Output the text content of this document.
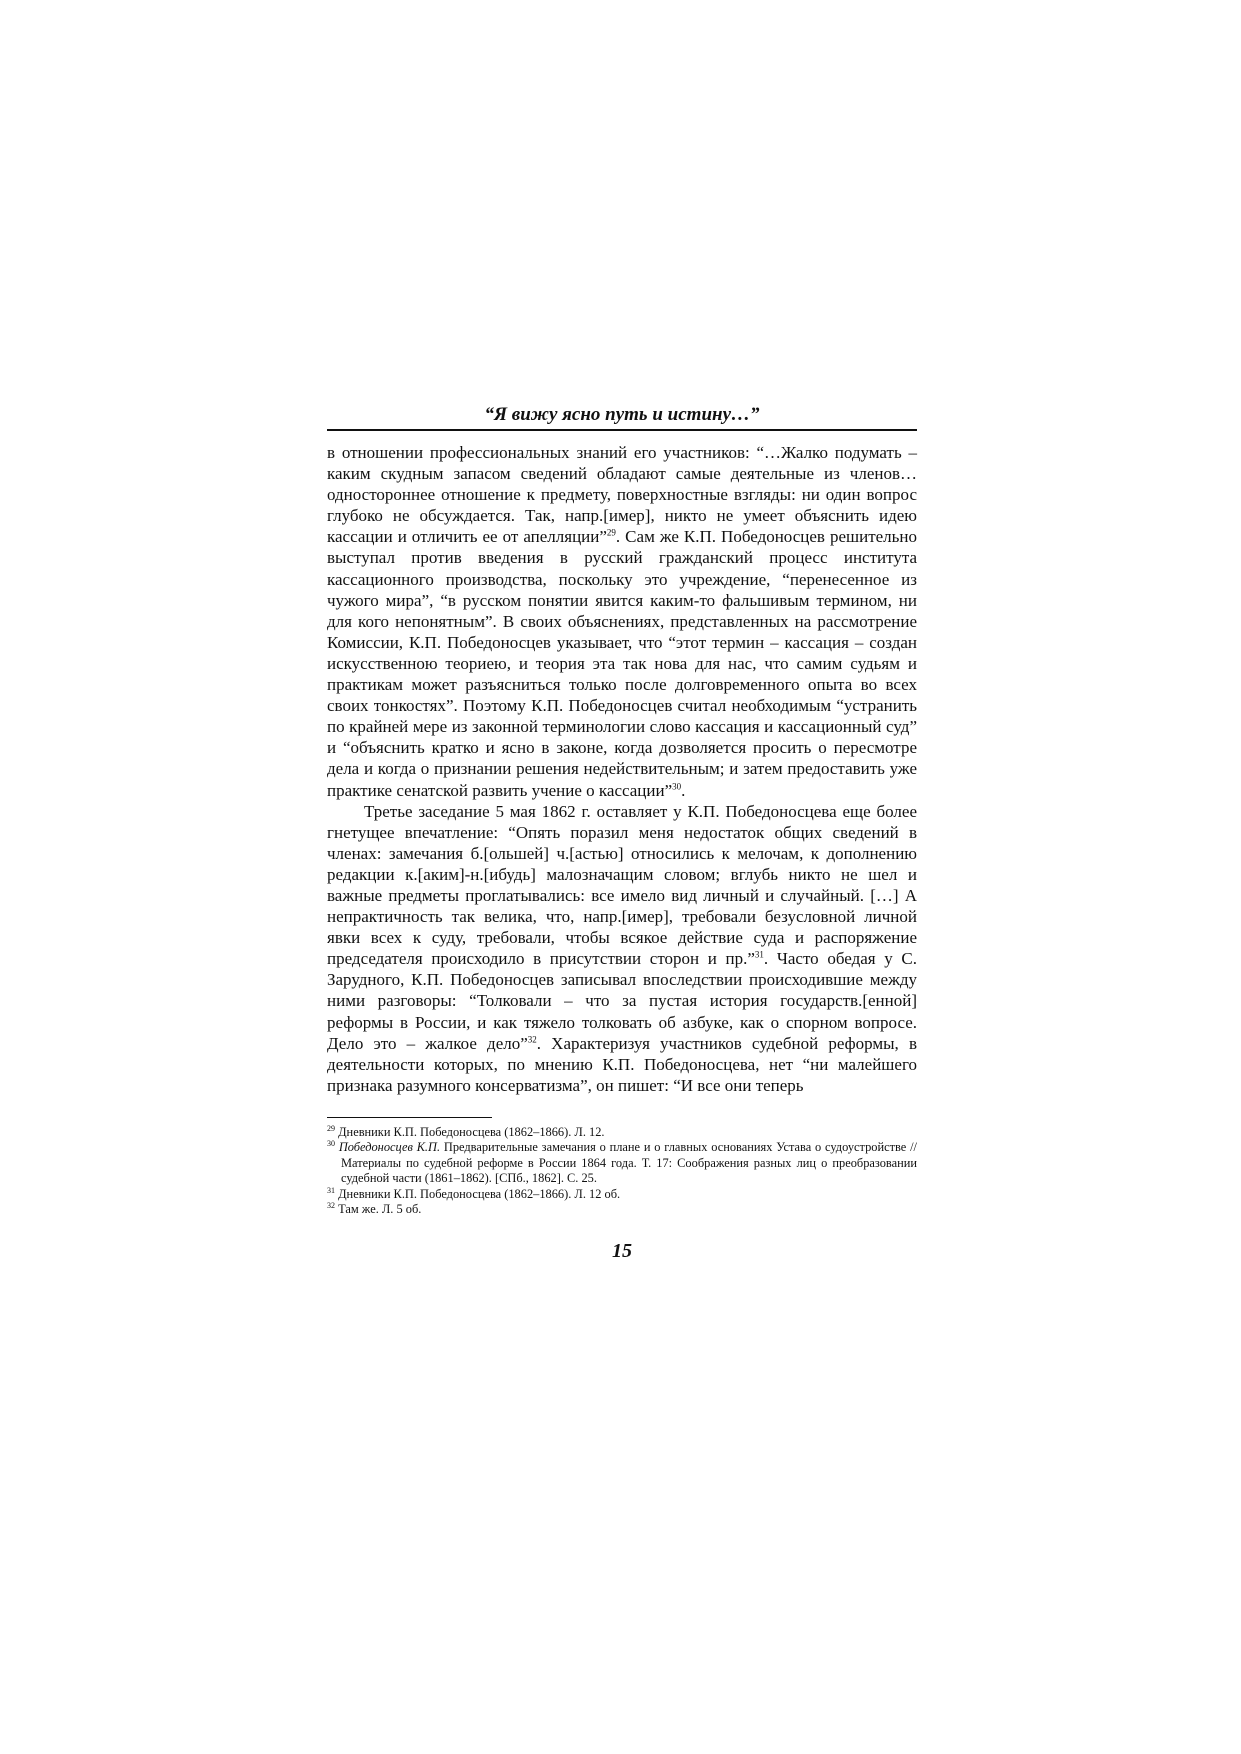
“Я вижу ясно путь и истину…”

в отношении профессиональных знаний его участников: “…Жалко подумать – каким скудным запасом сведений обладают самые деятельные из членов… одностороннее отношение к предмету, поверхностные взгляды: ни один вопрос глубоко не обсуждается. Так, напр.[имер], никто не умеет объяснить идею кассации и отличить ее от апелляции”$^{29}$. Сам же К.П. Победоносцев решительно выступал против введения в русский гражданский процесс института кассационного производства, поскольку это учреждение, “перенесенное из чужого мира”, “в русском понятии явится каким-то фальшивым термином, ни для кого непонятным”. В своих объяснениях, представленных на рассмотрение Комиссии, К.П. Победоносцев указывает, что “этот термин – кассация – создан искусственною теориею, и теория эта так нова для нас, что самим судьям и практикам может разъясниться только после долговременного опыта во всех своих тонкостях”. Поэтому К.П. Победоносцев считал необходимым “устранить по крайней мере из законной терминологии слово кассация и кассационный суд” и “объяснить кратко и ясно в законе, когда дозволяется просить о пересмотре дела и когда о признании решения недействительным; и затем предоставить уже практике сенатской развить учение о кассации”$^{30}$.

Третье заседание 5 мая 1862 г. оставляет у К.П. Победоносцева еще более гнетущее впечатление: “Опять поразил меня недостаток общих сведений в членах: замечания б.[ольшей] ч.[астью] относились к мелочам, к дополнению редакции к.[аким]-н.[ибудь] малозначащим словом; вглубь никто не шел и важные предметы проглатывались: все имело вид личный и случайный. […] А непрактичность так велика, что, напр.[имер], требовали безусловной личной явки всех к суду, требовали, чтобы всякое действие суда и распоряжение председателя происходило в присутствии сторон и пр.”$^{31}$. Часто обедая у С. Зарудного, К.П. Победоносцев записывал впоследствии происходившие между ними разговоры: “Толковали – что за пустая история государств.[енной] реформы в России, и как тяжело толковать об азбуке, как о спорном вопросе. Дело это – жалкое дело”$^{32}$. Характеризуя участников судебной реформы, в деятельности которых, по мнению К.П. Победоносцева, нет “ни малейшего признака разумного консерватизма”, он пишет: “И все они теперь

$^{29}$ Дневники К.П. Победоносцева (1862–1866). Л. 12.
$^{30}$ Победоносцев К.П. Предварительные замечания о плане и о главных основаниях Устава о судоустройстве // Материалы по судебной реформе в России 1864 года. Т. 17: Соображения разных лиц о преобразовании судебной части (1861–1862). [СПб., 1862]. С. 25.
$^{31}$ Дневники К.П. Победоносцева (1862–1866). Л. 12 об.
$^{32}$ Там же. Л. 5 об.
15
